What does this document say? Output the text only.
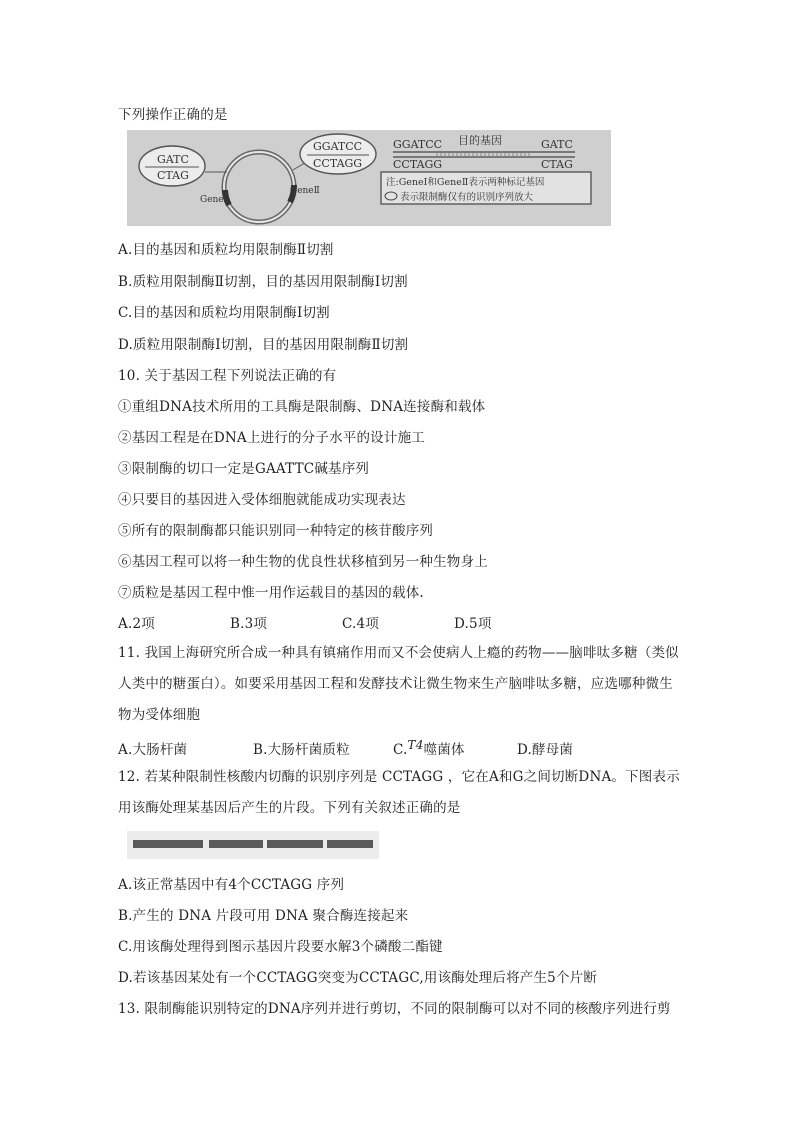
下列操作正确的是
GATC
CTAG
GeneⅠ
GeneⅡ
GGATCC
CCTAGG
GGATCC 目的基因	GATC
CCTAGG	CTAG
注:GeneⅠ和GeneⅡ表示两种标记基因
表示限制酶仅有的识别序列放大
A.目的基因和质粒均用限制酶Ⅱ切割
B.质粒用限制酶Ⅱ切割，目的基因用限制酶Ⅰ切割
C.目的基因和质粒均用限制酶Ⅰ切割
D.质粒用限制酶Ⅰ切割，目的基因用限制酶Ⅱ切割
10. 关于基因工程下列说法正确的有
①重组DNA技术所用的工具酶是限制酶、DNA连接酶和载体
②基因工程是在DNA上进行的分子水平的设计施工
③限制酶的切口一定是GAATTC碱基序列
④只要目的基因进入受体细胞就能成功实现表达
⑤所有的限制酶都只能识别同一种特定的核苷酸序列
⑥基因工程可以将一种生物的优良性状移植到另一种生物身上
⑦质粒是基因工程中惟一用作运载目的基因的载体.
A.2项	B.3项	C.4项	D.5项
11. 我国上海研究所合成一种具有镇痛作用而又不会使病人上瘾的药物——脑啡呔多糖（类似人类中的糖蛋白）。如要采用基因工程和发酵技术让微生物来生产脑啡呔多糖，应选哪种微生物为受体细胞
A.大肠杆菌	B.大肠杆菌质粒	C.T4噬菌体	D.酵母菌
12. 若某种限制性核酸内切酶的识别序列是 CCTAGG ，它在A和G之间切断DNA。下图表示用该酶处理某基因后产生的片段。下列有关叙述正确的是
A.该正常基因中有4个CCTAGG 序列
B.产生的 DNA 片段可用 DNA 聚合酶连接起来
C.用该酶处理得到图示基因片段要水解3个磷酸二酯键
D.若该基因某处有一个CCTAGG突变为CCTAGC,用该酶处理后将产生5个片断
13. 限制酶能识别特定的DNA序列并进行剪切，不同的限制酶可以对不同的核酸序列进行剪
